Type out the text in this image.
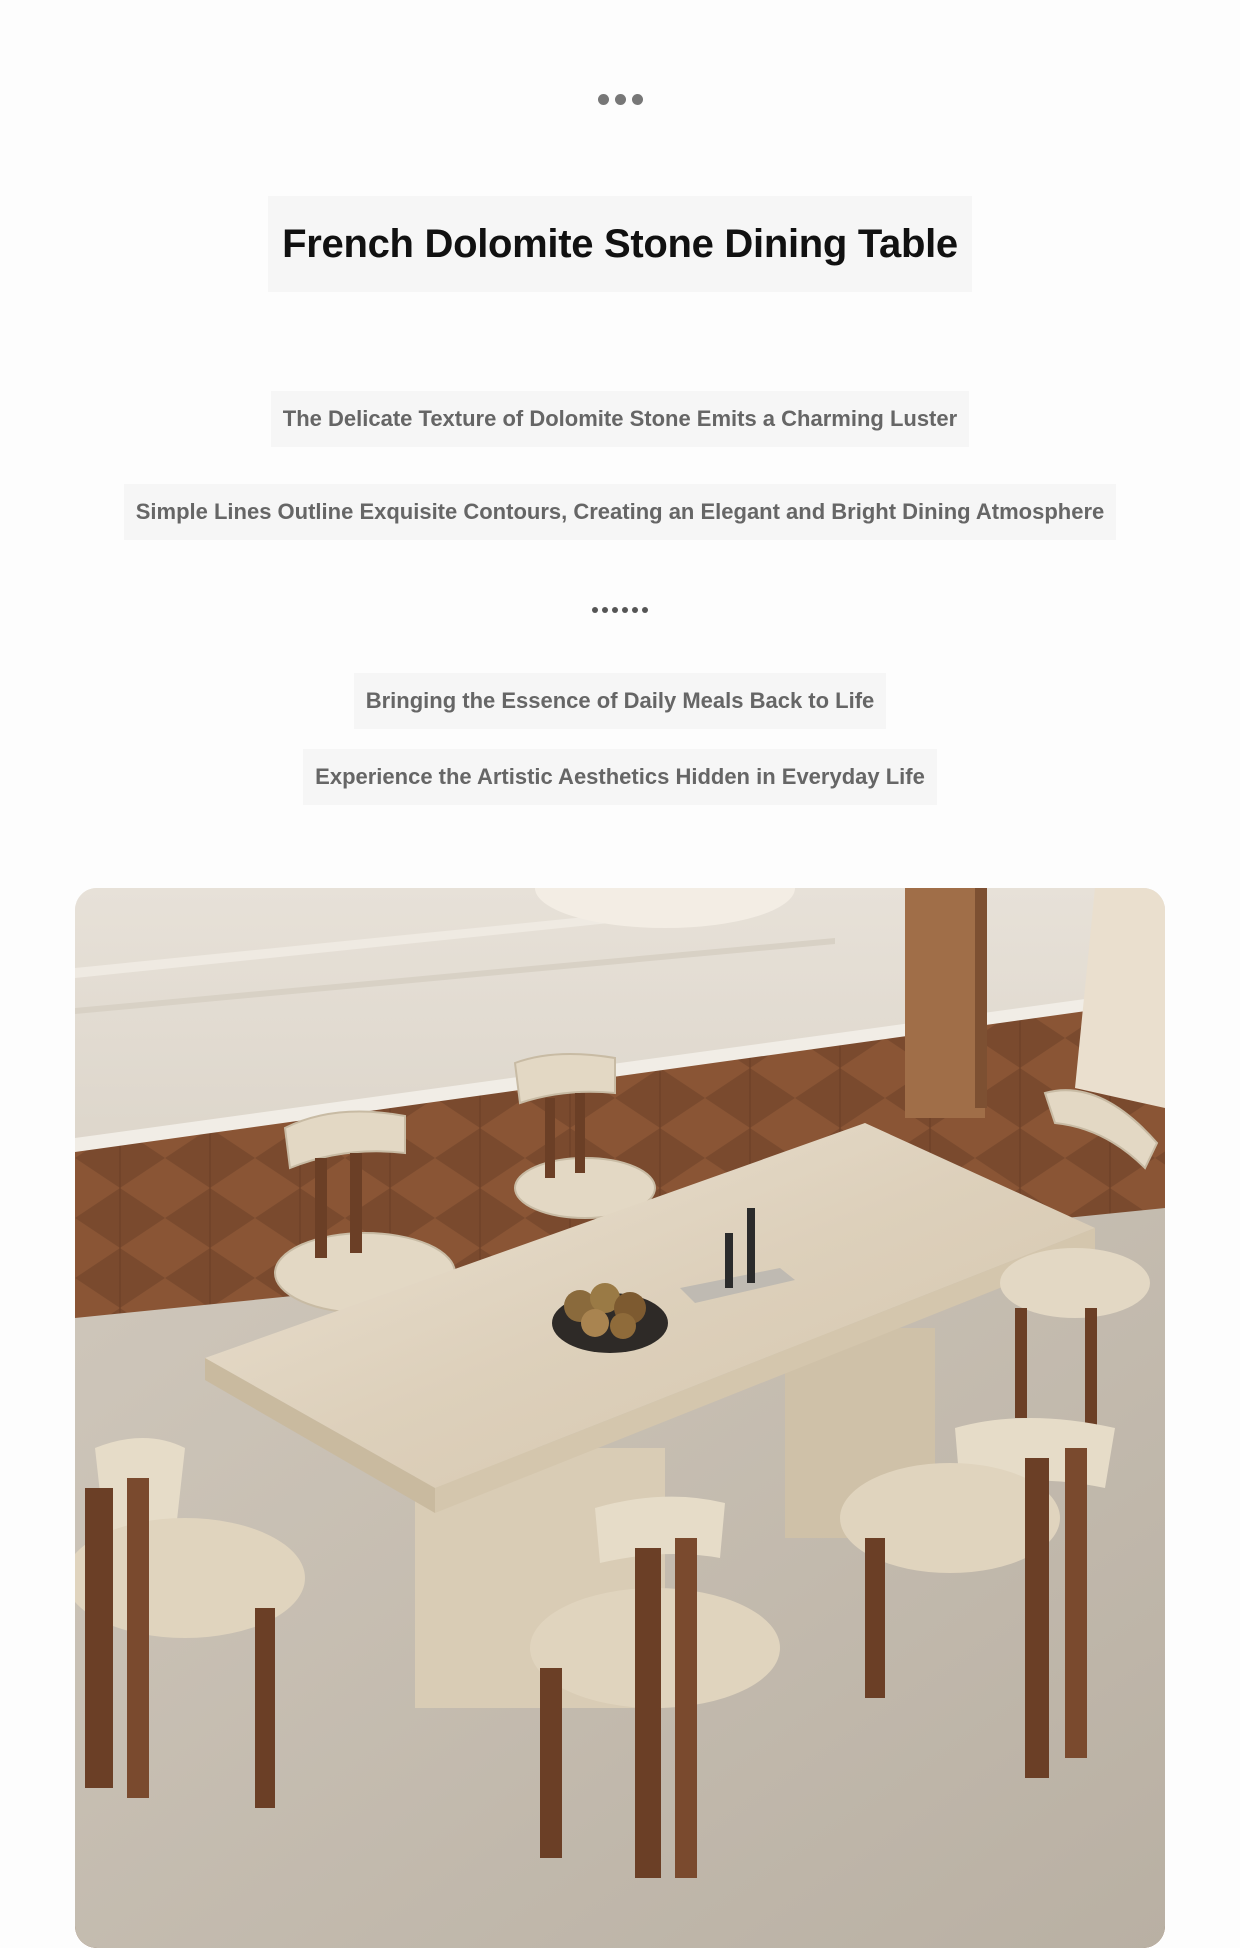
French Dolomite Stone Dining Table
The Delicate Texture of Dolomite Stone Emits a Charming Luster
Simple Lines Outline Exquisite Contours, Creating an Elegant and Bright Dining Atmosphere
Bringing the Essence of Daily Meals Back to Life
Experience the Artistic Aesthetics Hidden in Everyday Life
